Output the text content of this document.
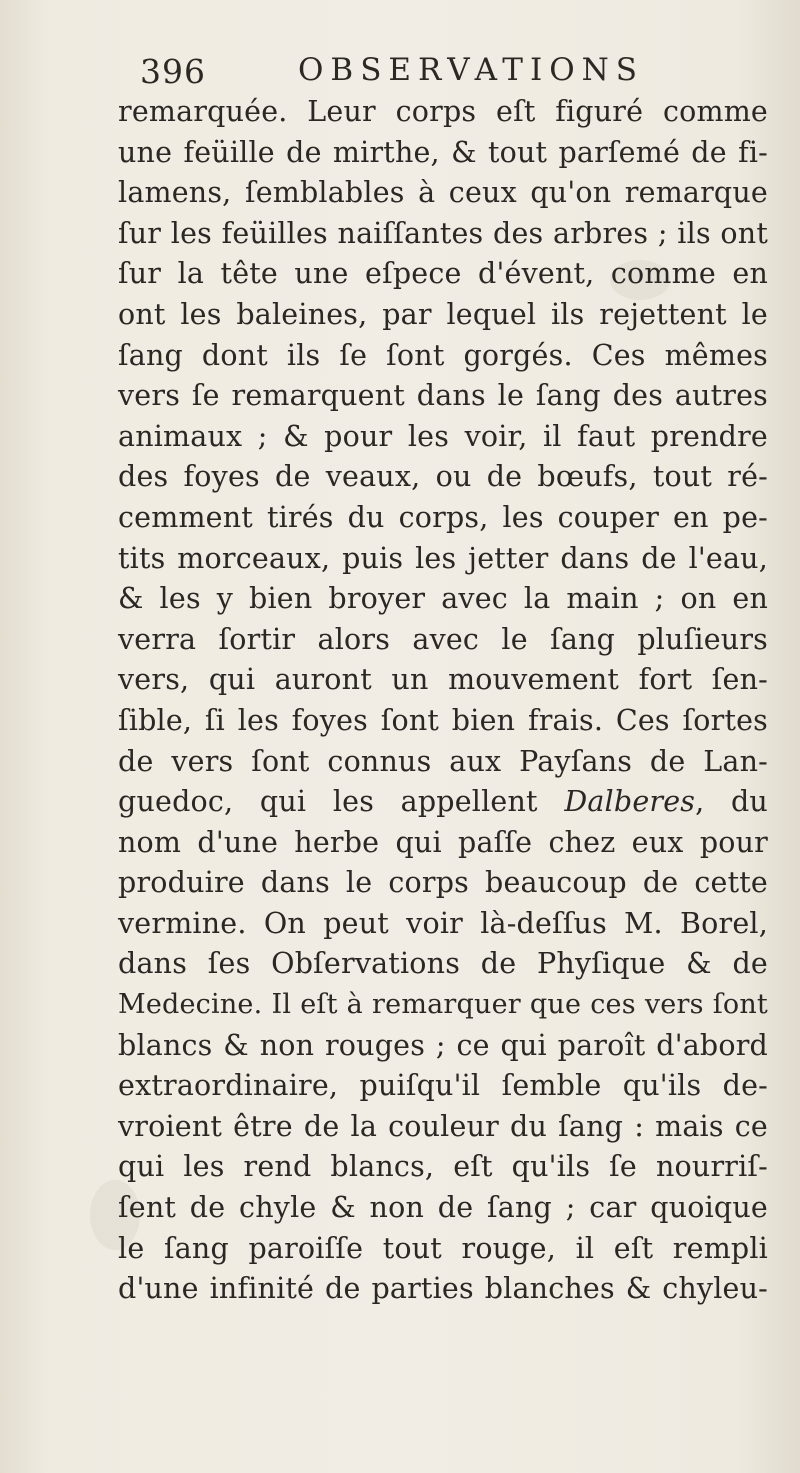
396	OBSERVATIONS
remarquée. Leur corps eſt figuré comme
une feüille de mirthe, & tout parſemé de fi-
lamens, ſemblables à ceux qu'on remarque
ſur les feüilles naiſſantes des arbres ; ils ont
ſur la tête une eſpece d'évent, comme en
ont les baleines, par lequel ils rejettent le
ſang dont ils ſe ſont gorgés. Ces mêmes
vers ſe remarquent dans le ſang des autres
animaux ; & pour les voir, il faut prendre
des foyes de veaux, ou de bœufs, tout ré-
cemment tirés du corps, les couper en pe-
tits morceaux, puis les jetter dans de l'eau,
& les y bien broyer avec la main ; on en
verra ſortir alors avec le ſang pluſieurs
vers, qui auront un mouvement fort ſen-
ſible, ſi les foyes ſont bien frais. Ces ſortes
de vers ſont connus aux Payſans de Lan-
guedoc, qui les appellent Dalberes, du
nom d'une herbe qui paſſe chez eux pour
produire dans le corps beaucoup de cette
vermine. On peut voir là-deſſus M. Borel,
dans ſes Obſervations de Phyſique & de
Medecine. Il eſt à remarquer que ces vers ſont
blancs & non rouges ; ce qui paroît d'abord
extraordinaire, puiſqu'il ſemble qu'ils de-
vroient être de la couleur du ſang : mais ce
qui les rend blancs, eſt qu'ils ſe nourriſ-
ſent de chyle & non de ſang ; car quoique
le ſang paroiſſe tout rouge, il eſt rempli
d'une infinité de parties blanches & chyleu-
